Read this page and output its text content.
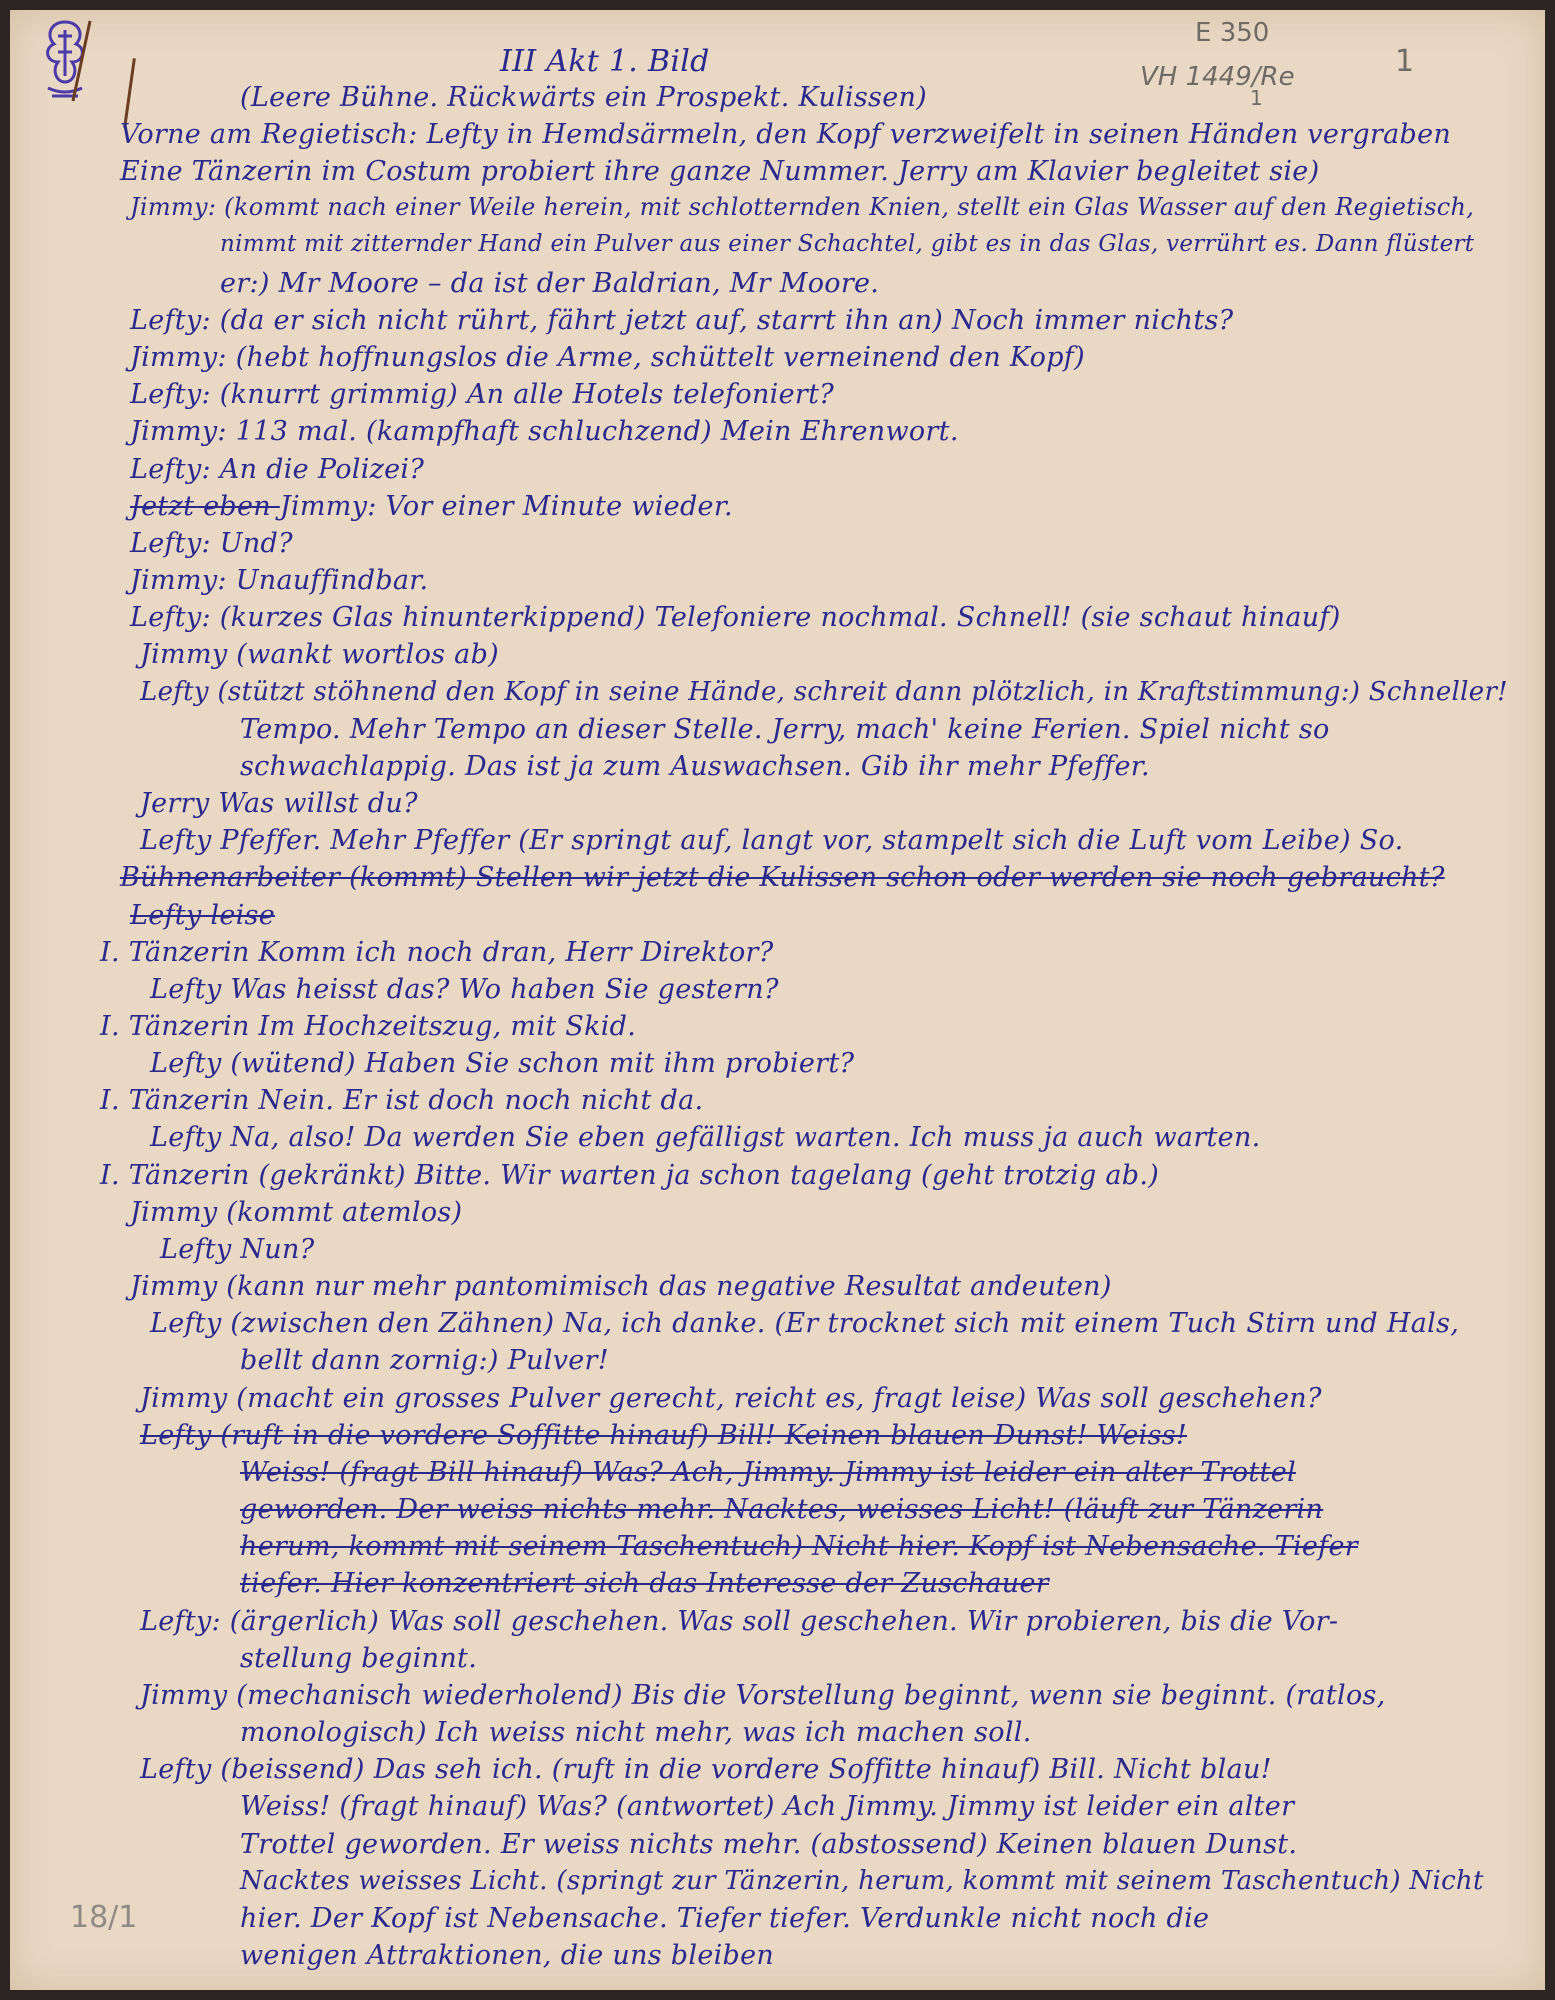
E 350
VH 1449/Re
1
1
III Akt 1. Bild
(Leere Bühne. Rückwärts ein Prospekt. Kulissen)
Vorne am Regietisch: Lefty in Hemdsärmeln, den Kopf verzweifelt in seinen Händen vergraben
Eine Tänzerin im Costum probiert ihre ganze Nummer. Jerry am Klavier begleitet sie)
Jimmy: (kommt nach einer Weile herein, mit schlotternden Knien, stellt ein Glas Wasser auf den Regietisch,
nimmt mit zitternder Hand ein Pulver aus einer Schachtel, gibt es in das Glas, verrührt es. Dann flüstert
er:) Mr Moore – da ist der Baldrian, Mr Moore.
Lefty: (da er sich nicht rührt, fährt jetzt auf, starrt ihn an) Noch immer nichts?
Jimmy: (hebt hoffnungslos die Arme, schüttelt verneinend den Kopf)
Lefty: (knurrt grimmig) An alle Hotels telefoniert?
Jimmy: 113 mal. (kampfhaft schluchzend) Mein Ehrenwort.
Lefty: An die Polizei?
Jetzt eben Jimmy: Vor einer Minute wieder.
Lefty: Und?
Jimmy: Unauffindbar.
Lefty: (kurzes Glas hinunterkippend) Telefoniere nochmal. Schnell! (sie schaut hinauf)
Jimmy (wankt wortlos ab)
Lefty (stützt stöhnend den Kopf in seine Hände, schreit dann plötzlich, in Kraftstimmung:) Schneller!
Tempo. Mehr Tempo an dieser Stelle. Jerry, mach' keine Ferien. Spiel nicht so
schwachlappig. Das ist ja zum Auswachsen. Gib ihr mehr Pfeffer.
Jerry Was willst du?
Lefty Pfeffer. Mehr Pfeffer (Er springt auf, langt vor, stampelt sich die Luft vom Leibe) So.
Bühnenarbeiter (kommt) Stellen wir jetzt die Kulissen schon oder werden sie noch gebraucht?
Lefty leise
I. Tänzerin Komm ich noch dran, Herr Direktor?
Lefty Was heisst das? Wo haben Sie gestern?
I. Tänzerin Im Hochzeitszug, mit Skid.
Lefty (wütend) Haben Sie schon mit ihm probiert?
I. Tänzerin Nein. Er ist doch noch nicht da.
Lefty Na, also! Da werden Sie eben gefälligst warten. Ich muss ja auch warten.
I. Tänzerin (gekränkt) Bitte. Wir warten ja schon tagelang (geht trotzig ab.)
Jimmy (kommt atemlos)
Lefty Nun?
Jimmy (kann nur mehr pantomimisch das negative Resultat andeuten)
Lefty (zwischen den Zähnen) Na, ich danke. (Er trocknet sich mit einem Tuch Stirn und Hals,
bellt dann zornig:) Pulver!
Jimmy (macht ein grosses Pulver gerecht, reicht es, fragt leise) Was soll geschehen?
Lefty (ruft in die vordere Soffitte hinauf) Bill! Keinen blauen Dunst! Weiss!
Weiss! (fragt Bill hinauf) Was? Ach, Jimmy. Jimmy ist leider ein alter Trottel
geworden. Der weiss nichts mehr. Nacktes, weisses Licht! (läuft zur Tänzerin
herum, kommt mit seinem Taschentuch) Nicht hier. Kopf ist Nebensache. Tiefer
tiefer. Hier konzentriert sich das Interesse der Zuschauer
Lefty: (ärgerlich) Was soll geschehen. Was soll geschehen. Wir probieren, bis die Vor-
stellung beginnt.
Jimmy (mechanisch wiederholend) Bis die Vorstellung beginnt, wenn sie beginnt. (ratlos,
monologisch) Ich weiss nicht mehr, was ich machen soll.
Lefty (beissend) Das seh ich. (ruft in die vordere Soffitte hinauf) Bill. Nicht blau!
Weiss! (fragt hinauf) Was? (antwortet) Ach Jimmy. Jimmy ist leider ein alter
Trottel geworden. Er weiss nichts mehr. (abstossend) Keinen blauen Dunst.
Nacktes weisses Licht. (springt zur Tänzerin, herum, kommt mit seinem Taschentuch) Nicht
hier. Der Kopf ist Nebensache. Tiefer tiefer. Verdunkle nicht noch die
wenigen Attraktionen, die uns bleiben
18/1
